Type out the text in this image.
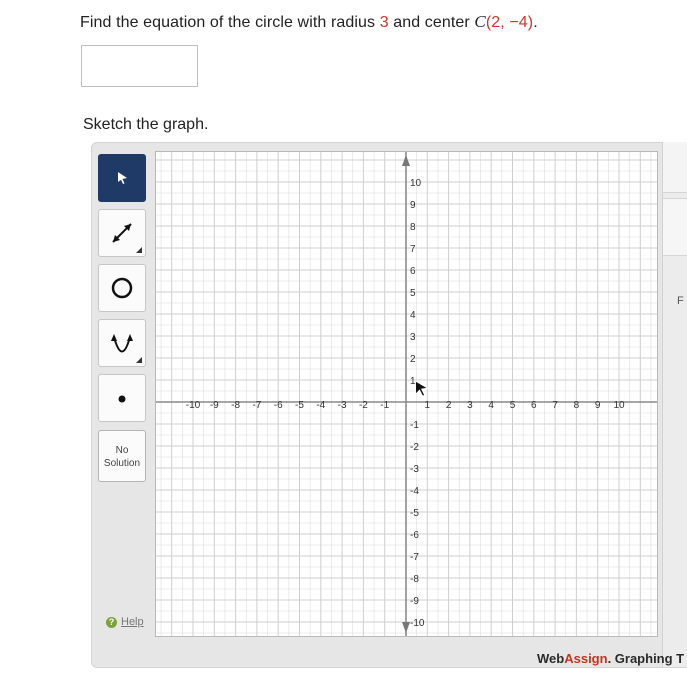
Find the equation of the circle with radius 3 and center C(2, −4).
Sketch the graph.
No
Solution
? Help
-10 -9 -8 -7 -6 -5 -4 -3 -2 -1	1 2 3 4 5 6 7 8 9 10
10
9
8
7
6
5
4
3
2
1
-1
-2
-3
-4
-5
-6
-7
-8
-9
-10
F
WebAssign. Graphing T
